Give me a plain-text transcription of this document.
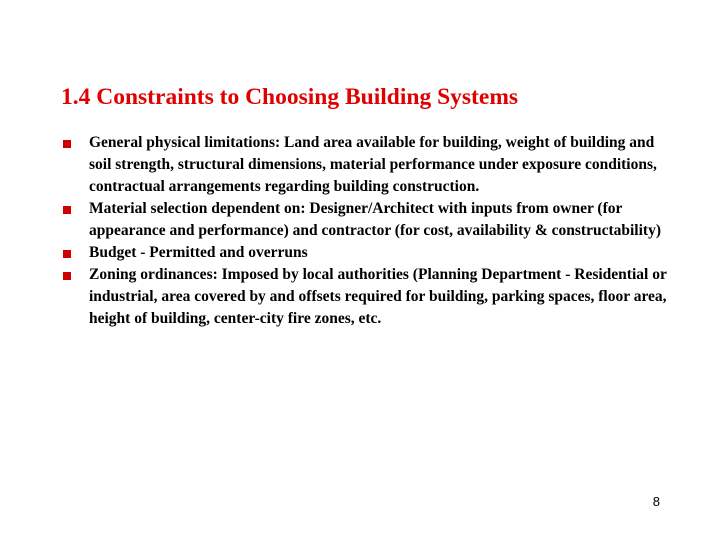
1.4 Constraints to Choosing Building Systems
General physical limitations: Land area available for building, weight of building and soil strength, structural dimensions, material performance under exposure conditions, contractual arrangements regarding building construction.
Material selection dependent on: Designer/Architect with inputs from owner (for appearance and performance) and contractor (for cost, availability & constructability)
Budget - Permitted and overruns
Zoning ordinances: Imposed by local authorities (Planning Department - Residential or industrial, area covered by and offsets required for building, parking spaces, floor area, height of building, center-city fire zones, etc.
8
